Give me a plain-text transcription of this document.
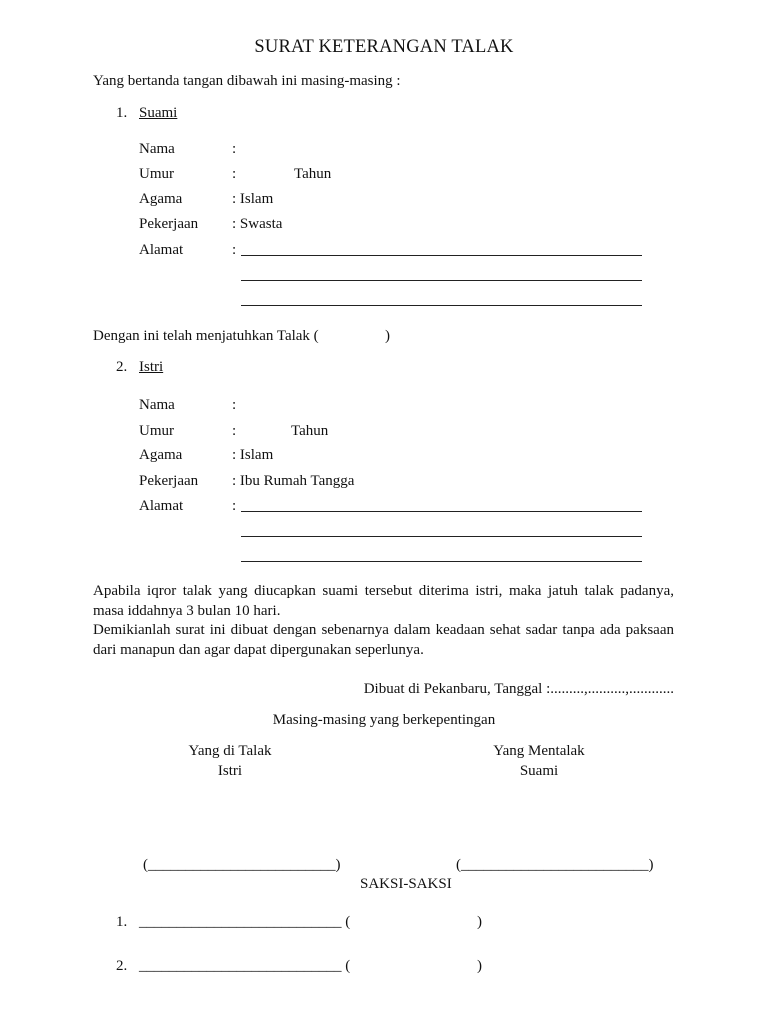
SURAT KETERANGAN TALAK
Yang bertanda tangan dibawah ini masing-masing :
1. Suami
Nama	:
Umur	:	Tahun
Agama	: Islam
Pekerjaan : Swasta
Alamat	:
Dengan ini telah menjatuhkan Talak (	)
2. Istri
Nama	:
Umur	:	Tahun
Agama	: Islam
Pekerjaan : Ibu Rumah Tangga
Alamat	:
Apabila iqror talak yang diucapkan suami tersebut diterima istri, maka jatuh talak padanya, masa iddahnya 3 bulan 10 hari.
Demikianlah surat ini dibuat dengan sebenarnya dalam keadaan sehat sadar tanpa ada paksaan dari manapun dan agar dapat dipergunakan seperlunya.
Dibuat di Pekanbaru, Tanggal :.........,..........,............
Masing-masing yang berkepentingan
Yang di Talak
Istri
Yang Mentalak
Suami
(_________________________)	(_________________________)
SAKSI-SAKSI
1. ___________________________ (	)
2. ___________________________ (	)
